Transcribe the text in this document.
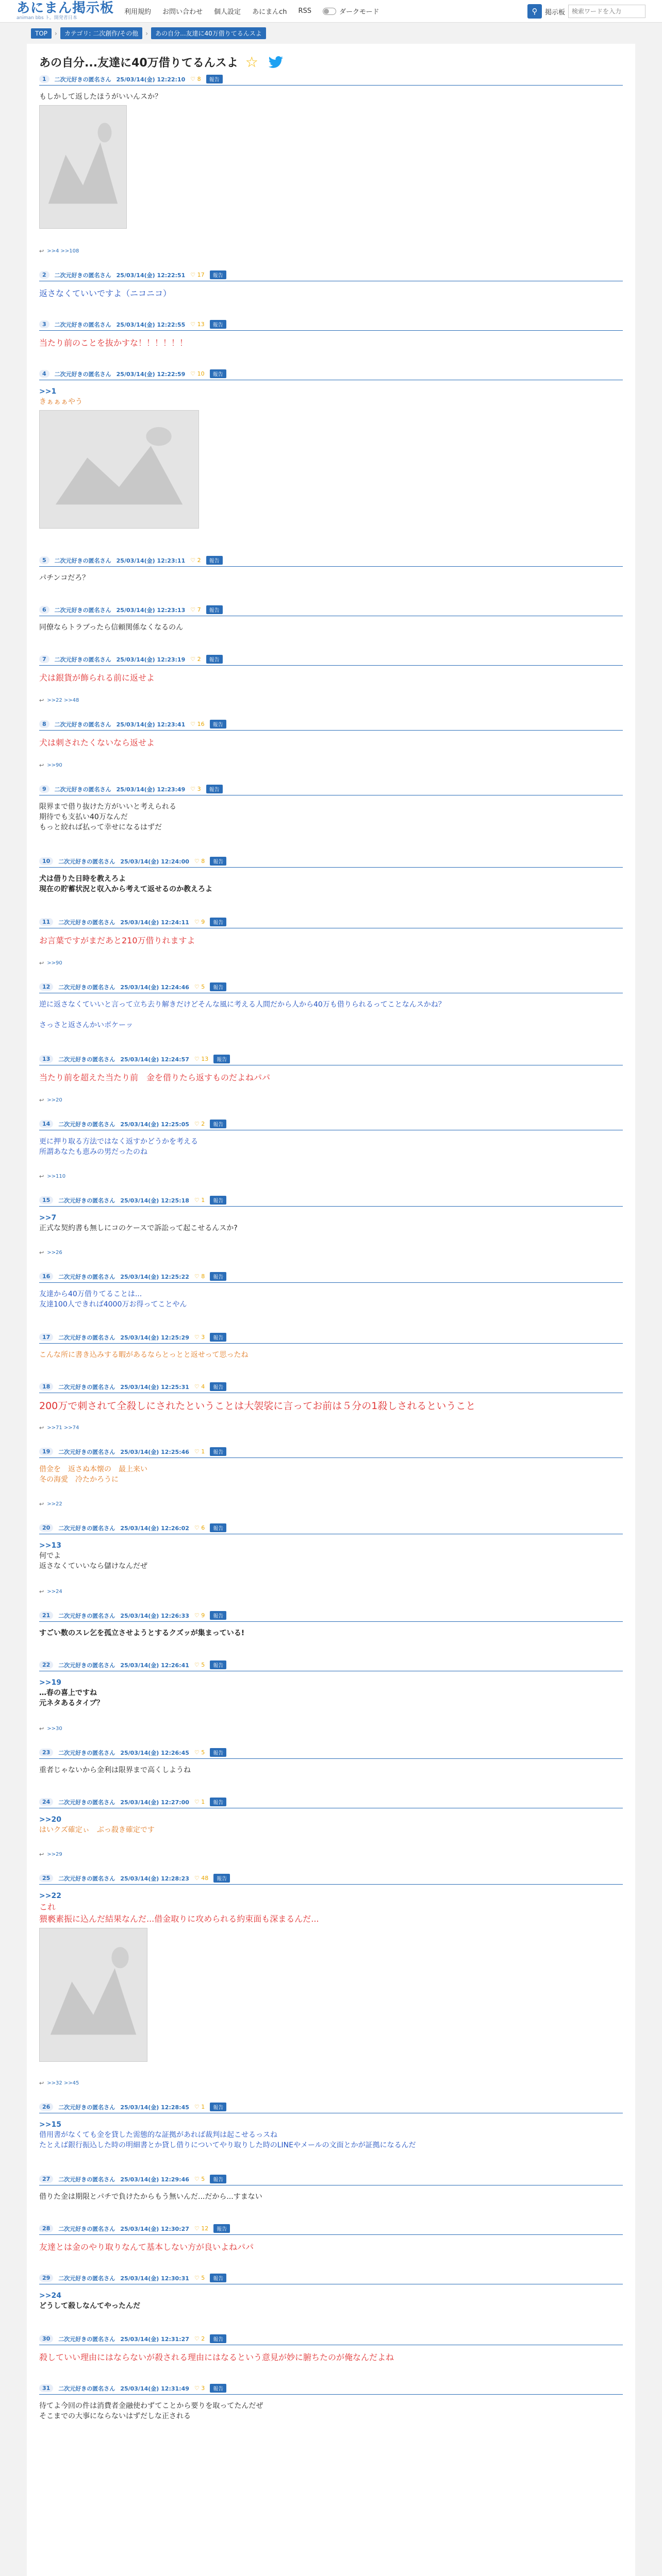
あにまん掲示板
animan bbs ト。開発者日本
利用規約 お問い合わせ 個人設定 あにまんch RSS	ダークモード	⚲	掲示板
検索ワードを入力
TOP	›	カテゴリ: 二次創作/その他	›	あの自分...友達に40万借りてるんスよ
あの自分...友達に40万借りてるんスよ ☆
1	二次元好きの匿名さん 25/03/14(金) 12:22:10 ♡ 8	報告
もしかして返したほうがいいんスか？
↩ >>4 >>108
2	二次元好きの匿名さん 25/03/14(金) 12:22:51 ♡ 17	報告
返さなくていいですよ（ニコニコ）
3	二次元好きの匿名さん 25/03/14(金) 12:22:55 ♡ 13	報告
当たり前のことを抜かすな！！！！！！
4	二次元好きの匿名さん 25/03/14(金) 12:22:59 ♡ 10	報告
>>1
きぁぁぁやう
5	二次元好きの匿名さん 25/03/14(金) 12:23:11 ♡ 2	報告
パチンコだろ？
6	二次元好きの匿名さん 25/03/14(金) 12:23:13 ♡ 7	報告
同僚ならトラブったら信頼関係なくなるのん
7	二次元好きの匿名さん 25/03/14(金) 12:23:19 ♡ 2	報告
犬は銀貨が飾られる前に返せよ
↩ >>22 >>48
8	二次元好きの匿名さん 25/03/14(金) 12:23:41 ♡ 16	報告
犬は刺されたくないなら返せよ
↩ >>90
9	二次元好きの匿名さん 25/03/14(金) 12:23:49 ♡ 3	報告
限界まで借り抜けた方がいいと考えられる
期待でも支払い40万なんだ
もっと絞れば払って幸せになるはずだ
10	二次元好きの匿名さん 25/03/14(金) 12:24:00 ♡ 8	報告
犬は借りた日時を教えろよ
現在の貯蓄状況と収入から考えて返せるのか教えろよ
11	二次元好きの匿名さん 25/03/14(金) 12:24:11 ♡ 9	報告
お言葉ですがまだあと210万借りれますよ
↩ >>90
12	二次元好きの匿名さん 25/03/14(金) 12:24:46 ♡ 5	報告
逆に返さなくていいと言って立ち去り解きだけどそんな風に考える人間だから人から40万も借りられるってことなんスかね？
さっさと返さんかいボケーッ
13	二次元好きの匿名さん 25/03/14(金) 12:24:57 ♡ 13	報告
当たり前を超えた当たり前　金を借りたら返すものだよねパパ
↩ >>20
14	二次元好きの匿名さん 25/03/14(金) 12:25:05 ♡ 2	報告
更に押り取る方法ではなく返すかどうかを考える
所謂あなたも恵みの男だったのね
↩ >>110
15	二次元好きの匿名さん 25/03/14(金) 12:25:18 ♡ 1	報告
>>7
正式な契約書も無しにコのケースで訴訟って起こせるんスか?
↩ >>26
16	二次元好きの匿名さん 25/03/14(金) 12:25:22 ♡ 8	報告
友達から40万借りてることは...
友達100人できれば4000万お得ってことやん
17	二次元好きの匿名さん 25/03/14(金) 12:25:29 ♡ 3	報告
こんな所に書き込みする暇があるならとっとと返せって思ったね
18	二次元好きの匿名さん 25/03/14(金) 12:25:31 ♡ 4	報告
200万で刺されて全殺しにされたということは大袈裟に言ってお前は５分の1殺しされるということ
↩ >>71 >>74
19	二次元好きの匿名さん 25/03/14(金) 12:25:46 ♡ 1	報告
借金を　返さぬ本懐の　最上来い
冬の海愛　冷たかろうに
↩ >>22
20	二次元好きの匿名さん 25/03/14(金) 12:26:02 ♡ 6	報告
>>13
何でよ
返さなくていいなら儲けなんだぜ
↩ >>24
21	二次元好きの匿名さん 25/03/14(金) 12:26:33 ♡ 9	報告
すごい数のスレ乞を孤立させようとするクズッが集まっている!
22	二次元好きの匿名さん 25/03/14(金) 12:26:41 ♡ 5	報告
>>19
…春の喜上ですね
元ネタあるタイプ？
↩ >>30
23	二次元好きの匿名さん 25/03/14(金) 12:26:45 ♡ 5	報告
重者じゃないから金利は限界まで高くしようね
24	二次元好きの匿名さん 25/03/14(金) 12:27:00 ♡ 1	報告
>>20
はいクズ確定ぃ　ぶっ殺き確定です
↩ >>29
25	二次元好きの匿名さん 25/03/14(金) 12:28:23 ♡ 48	報告
>>22
これ
猥褻素振に込んだ結果なんだ...借金取りに攻められる約束面も深まるんだ...
↩ >>32 >>45
26	二次元好きの匿名さん 25/03/14(金) 12:28:45 ♡ 1	報告
>>15
借用書がなくても金を貸した需態的な証拠があれば裁判は起こせるっスね
たとえば銀行振込した時の明細書とか貸し借りについてやり取りした時のLINEやメールの文面とかが証拠になるんだ
27	二次元好きの匿名さん 25/03/14(金) 12:29:46 ♡ 5	報告
借りた金は期限とパチで負けたからもう無いんだ...だから...すまない
28	二次元好きの匿名さん 25/03/14(金) 12:30:27 ♡ 12	報告
友達とは金のやり取りなんて基本しない方が良いよねパパ
29	二次元好きの匿名さん 25/03/14(金) 12:30:31 ♡ 5	報告
>>24
どうして殺しなんてやったんだ
30	二次元好きの匿名さん 25/03/14(金) 12:31:27 ♡ 2	報告
殺していい理由にはならないが殺される理由にはなるという意見が妙に腑ちたのが俺なんだよね
31	二次元好きの匿名さん 25/03/14(金) 12:31:49 ♡ 3	報告
待てよ今回の件は消費者金融使わずてことから要りを取ってたんだぜ
そこまでの大事にならないはずだしな正される
